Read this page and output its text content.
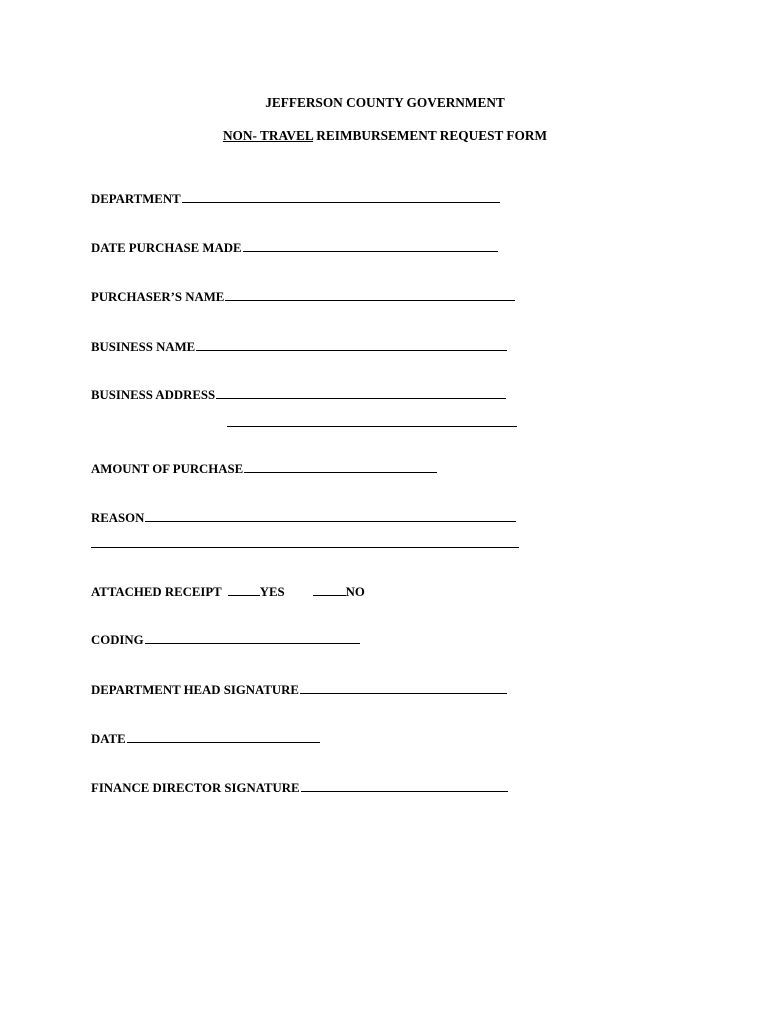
JEFFERSON COUNTY GOVERNMENT
NON- TRAVEL REIMBURSEMENT REQUEST FORM
DEPARTMENT
DATE PURCHASE MADE
PURCHASER’S NAME
BUSINESS NAME
BUSINESS ADDRESS
AMOUNT OF PURCHASE
REASON
ATTACHED RECEIPT	YES	NO
CODING
DEPARTMENT HEAD SIGNATURE
DATE
FINANCE DIRECTOR SIGNATURE
